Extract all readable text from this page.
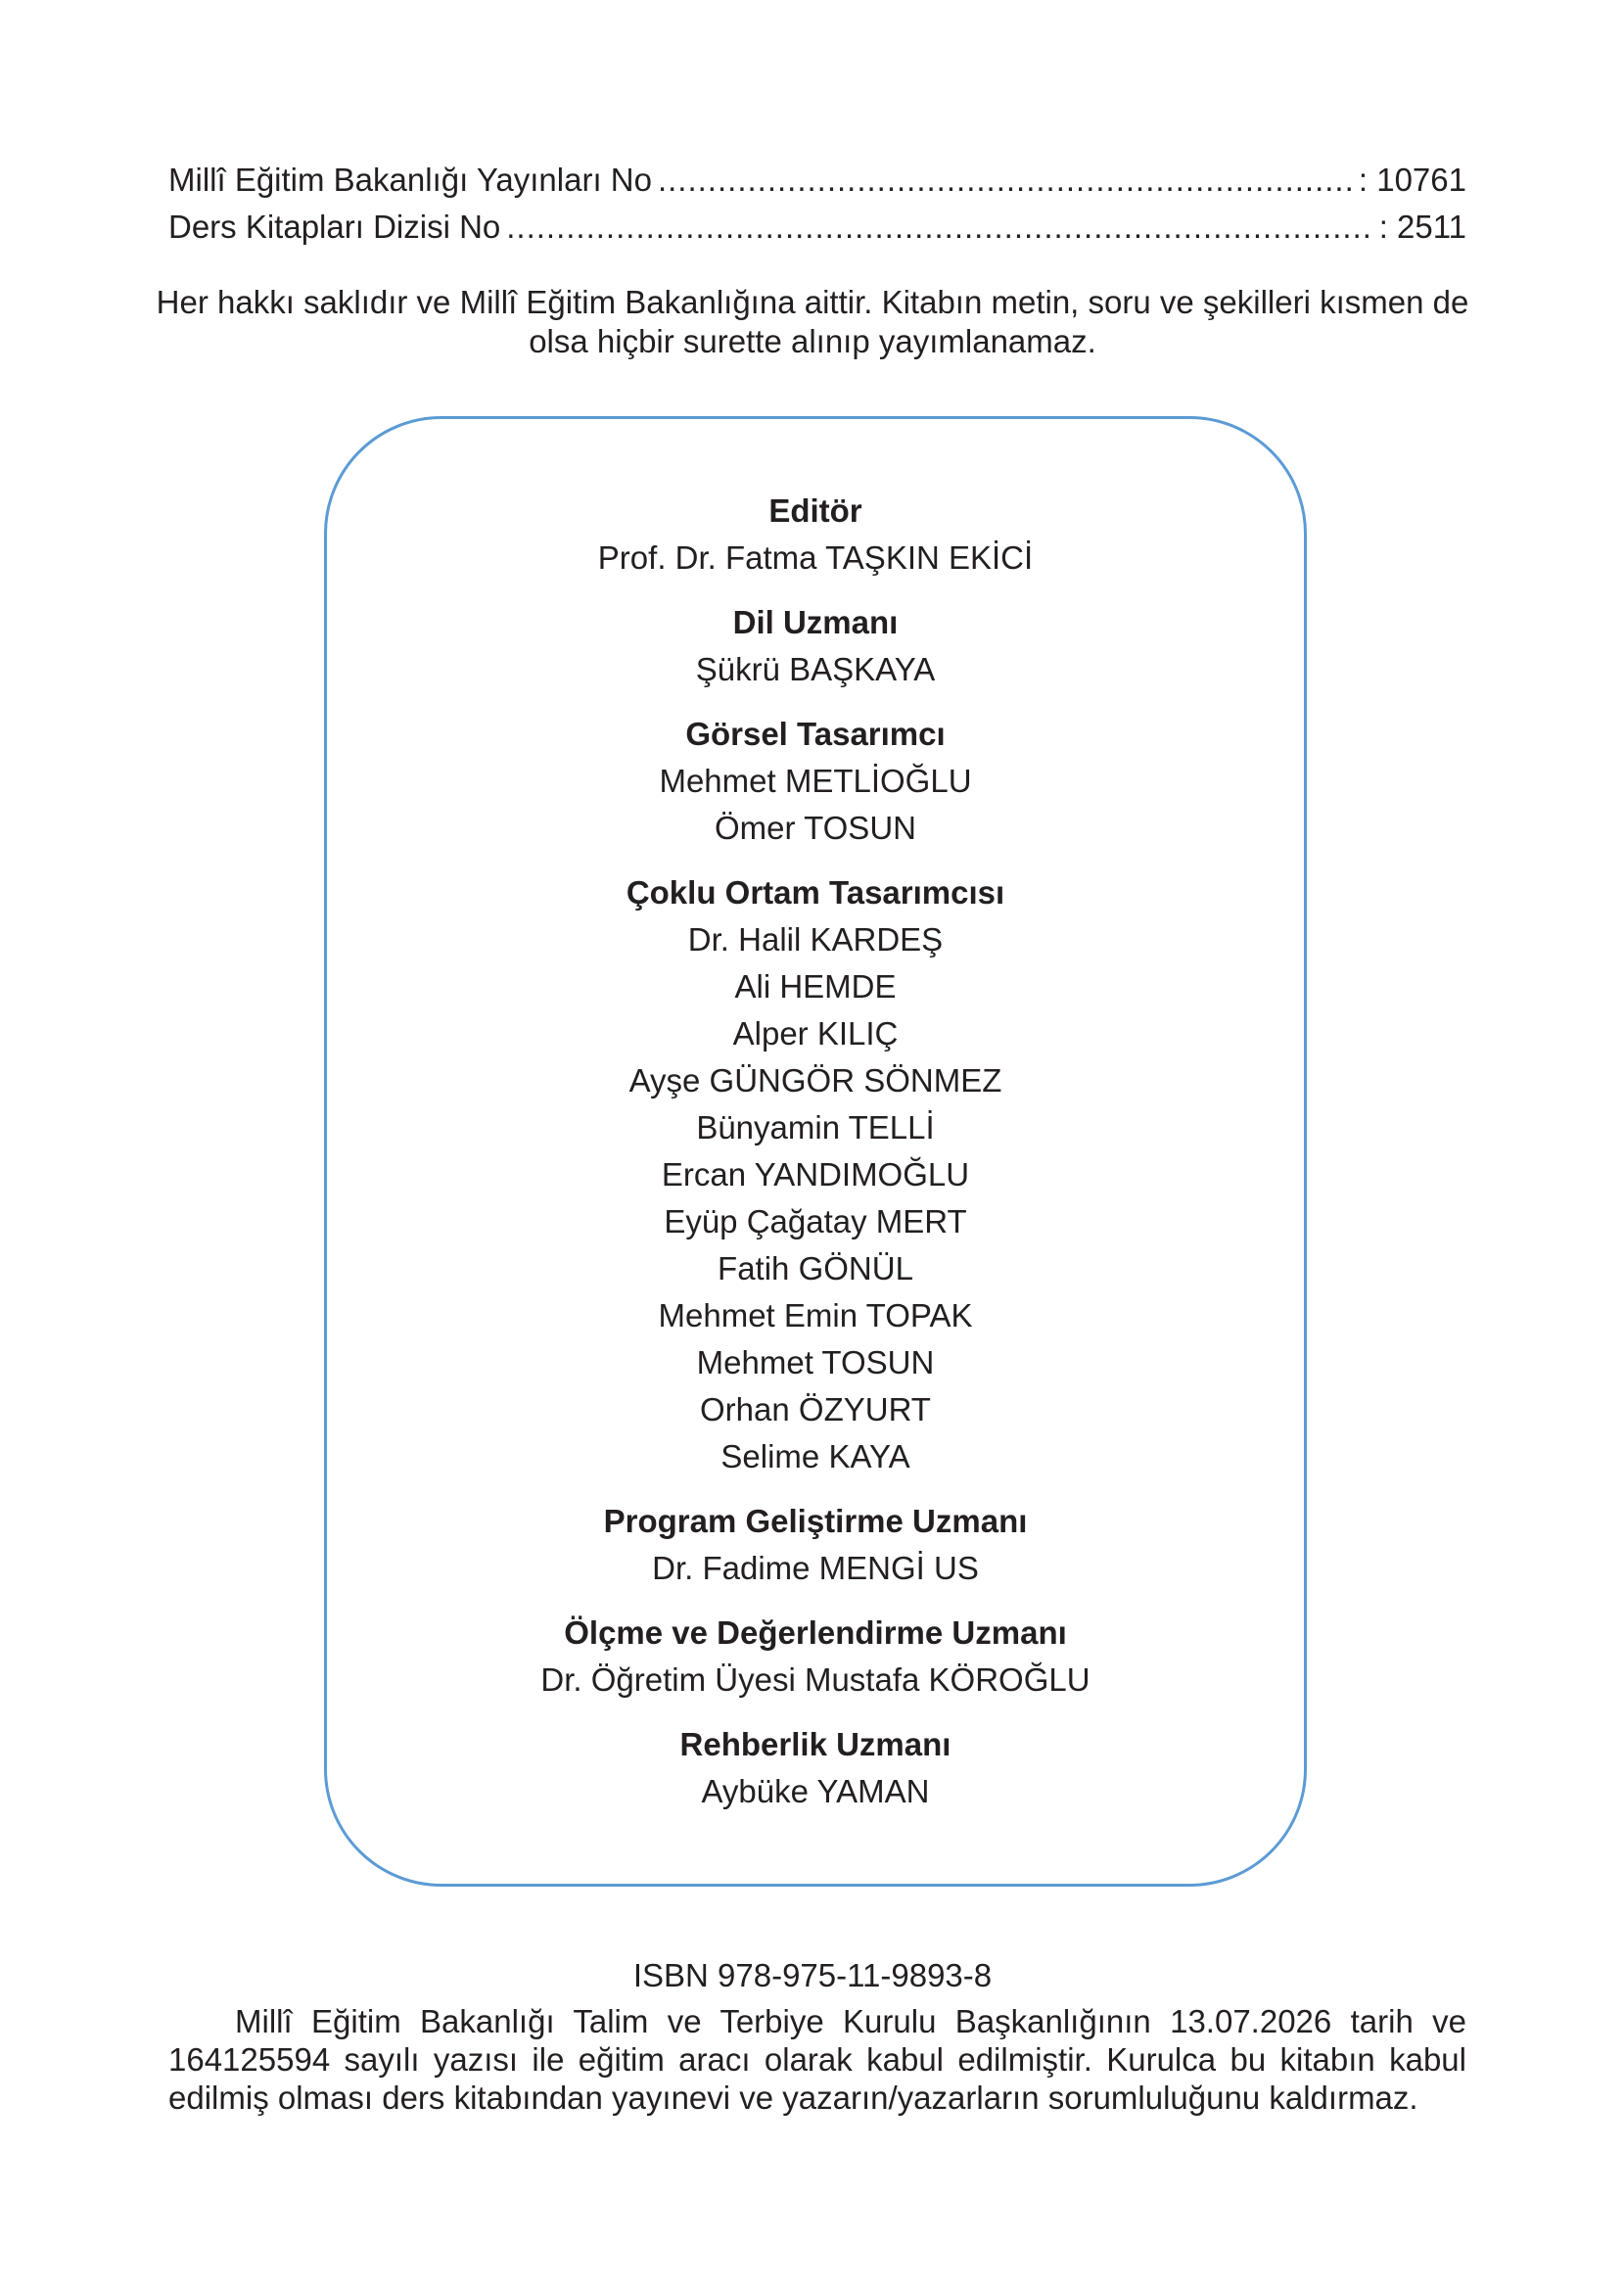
Millî Eğitim Bakanlığı Yayınları No .....	: 10761
Ders Kitapları Dizisi No .....	: 2511
Her hakkı saklıdır ve Millî Eğitim Bakanlığına aittir. Kitabın metin, soru ve şekilleri kısmen de olsa hiçbir surette alınıp yayımlanamaz.
Editör
Prof. Dr. Fatma TAŞKIN EKİCİ
Dil Uzmanı
Şükrü BAŞKAYA
Görsel Tasarımcı
Mehmet METLİOĞLU
Ömer TOSUN
Çoklu Ortam Tasarımcısı
Dr. Halil KARDEŞ
Ali HEMDE
Alper KILIÇ
Ayşe GÜNGÖR SÖNMEZ
Bünyamin TELLİ
Ercan YANDIMOĞLU
Eyüp Çağatay MERT
Fatih GÖNÜL
Mehmet Emin TOPAK
Mehmet TOSUN
Orhan ÖZYURT
Selime KAYA
Program Geliştirme Uzmanı
Dr. Fadime MENGİ US
Ölçme ve Değerlendirme Uzmanı
Dr. Öğretim Üyesi Mustafa KÖROĞLU
Rehberlik Uzmanı
Aybüke YAMAN
ISBN 978-975-11-9893-8
Millî Eğitim Bakanlığı Talim ve Terbiye Kurulu Başkanlığının 13.07.2026 tarih ve 164125594 sayılı yazısı ile eğitim aracı olarak kabul edilmiştir. Kurulca bu kitabın kabul edilmiş olması ders kitabından yayınevi ve yazarın/yazarların sorumluluğunu kaldırmaz.
